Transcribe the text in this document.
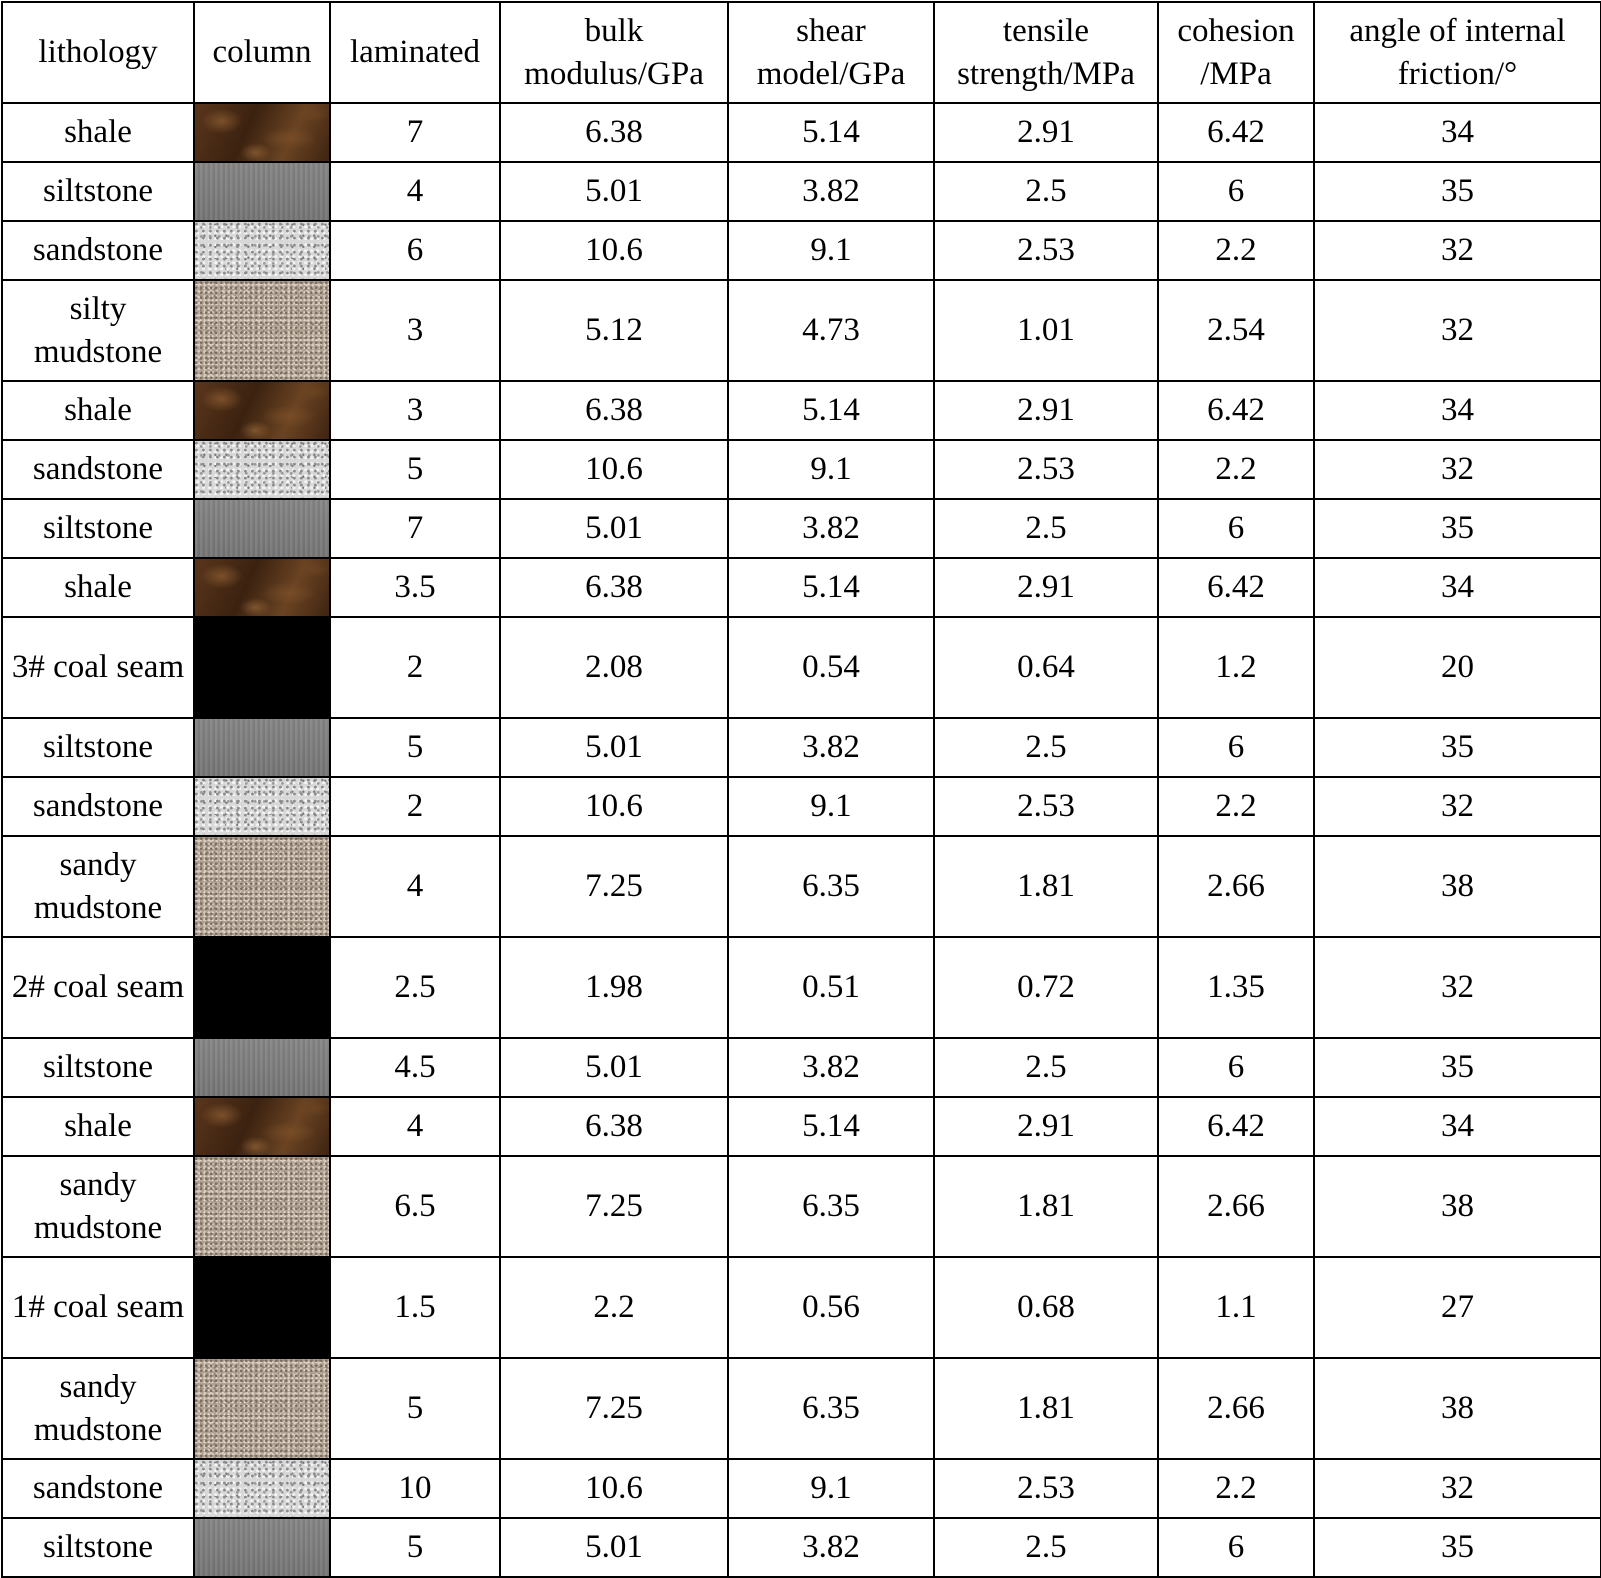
lithology	column	laminated	bulk modulus/GPa	shear model/GPa	tensile strength/MPa	cohesion /MPa	angle of internal friction/°
shale		7	6.38	5.14	2.91	6.42	34
siltstone		4	5.01	3.82	2.5	6	35
sandstone		6	10.6	9.1	2.53	2.2	32
silty mudstone		3	5.12	4.73	1.01	2.54	32
shale		3	6.38	5.14	2.91	6.42	34
sandstone		5	10.6	9.1	2.53	2.2	32
siltstone		7	5.01	3.82	2.5	6	35
shale		3.5	6.38	5.14	2.91	6.42	34
3# coal seam		2	2.08	0.54	0.64	1.2	20
siltstone		5	5.01	3.82	2.5	6	35
sandstone		2	10.6	9.1	2.53	2.2	32
sandy mudstone		4	7.25	6.35	1.81	2.66	38
2# coal seam		2.5	1.98	0.51	0.72	1.35	32
siltstone		4.5	5.01	3.82	2.5	6	35
shale		4	6.38	5.14	2.91	6.42	34
sandy mudstone		6.5	7.25	6.35	1.81	2.66	38
1# coal seam		1.5	2.2	0.56	0.68	1.1	27
sandy mudstone		5	7.25	6.35	1.81	2.66	38
sandstone		10	10.6	9.1	2.53	2.2	32
siltstone		5	5.01	3.82	2.5	6	35
